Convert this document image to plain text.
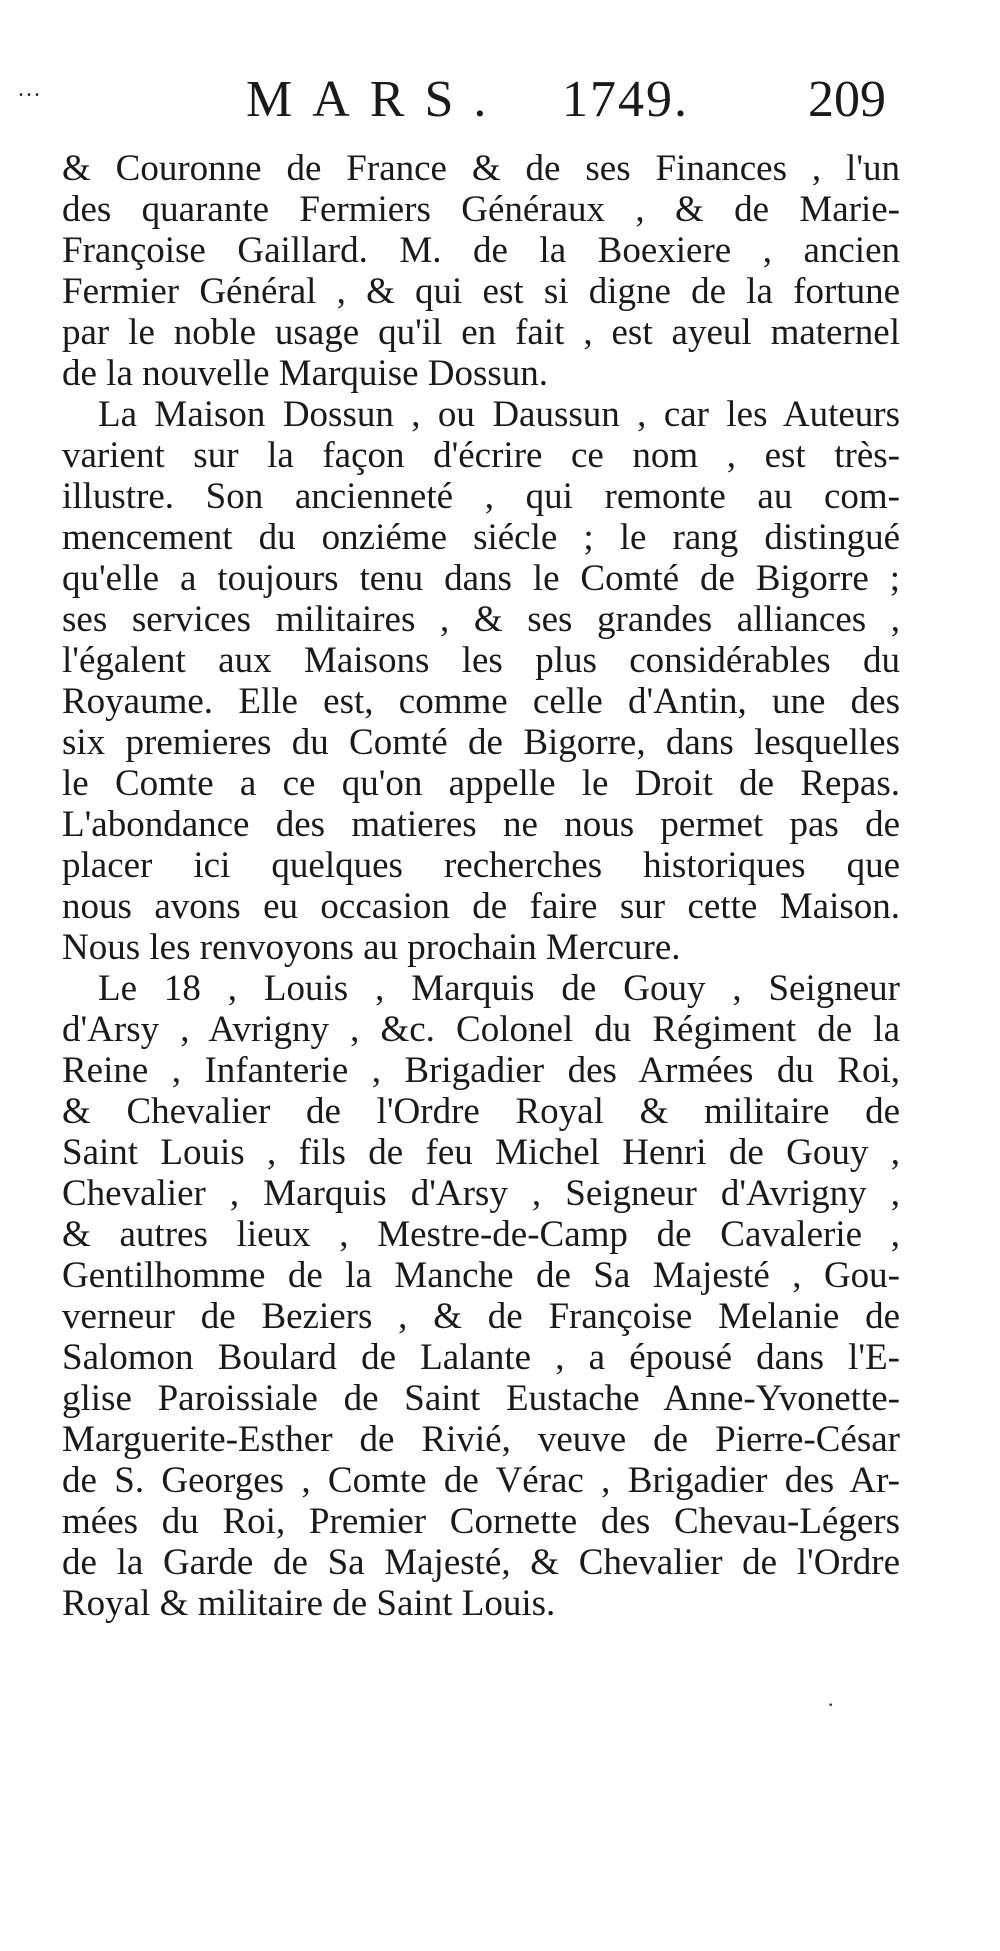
...	MARS. 1749. 209
& Couronne de France & de ses Finances , l'un
des quarante Fermiers Généraux , & de Marie-
Françoise Gaillard. M. de la Boexiere , ancien
Fermier Général , & qui est si digne de la fortune
par le noble usage qu'il en fait , est ayeul maternel
de la nouvelle Marquise Dossun.
La Maison Dossun , ou Daussun , car les Auteurs
varient sur la façon d'écrire ce nom , est très-
illustre. Son ancienneté , qui remonte au com-
mencement du onziéme siécle ; le rang distingué
qu'elle a toujours tenu dans le Comté de Bigorre ;
ses services militaires , & ses grandes alliances ,
l'égalent aux Maisons les plus considérables du
Royaume. Elle est, comme celle d'Antin, une des
six premieres du Comté de Bigorre, dans lesquelles
le Comte a ce qu'on appelle le Droit de Repas.
L'abondance des matieres ne nous permet pas de
placer ici quelques recherches historiques que
nous avons eu occasion de faire sur cette Maison.
Nous les renvoyons au prochain Mercure.
Le 18 , Louis , Marquis de Gouy , Seigneur
d'Arsy , Avrigny , &c. Colonel du Régiment de la
Reine , Infanterie , Brigadier des Armées du Roi,
& Chevalier de l'Ordre Royal & militaire de
Saint Louis , fils de feu Michel Henri de Gouy ,
Chevalier , Marquis d'Arsy , Seigneur d'Avrigny ,
& autres lieux , Mestre-de-Camp de Cavalerie ,
Gentilhomme de la Manche de Sa Majesté , Gou-
verneur de Beziers , & de Françoise Melanie de
Salomon Boulard de Lalante , a épousé dans l'E-
glise Paroissiale de Saint Eustache Anne-Yvonette-
Marguerite-Esther de Rivié, veuve de Pierre-César
de S. Georges , Comte de Vérac , Brigadier des Ar-
mées du Roi, Premier Cornette des Chevau-Légers
de la Garde de Sa Majesté, & Chevalier de l'Ordre
Royal & militaire de Saint Louis.
.
